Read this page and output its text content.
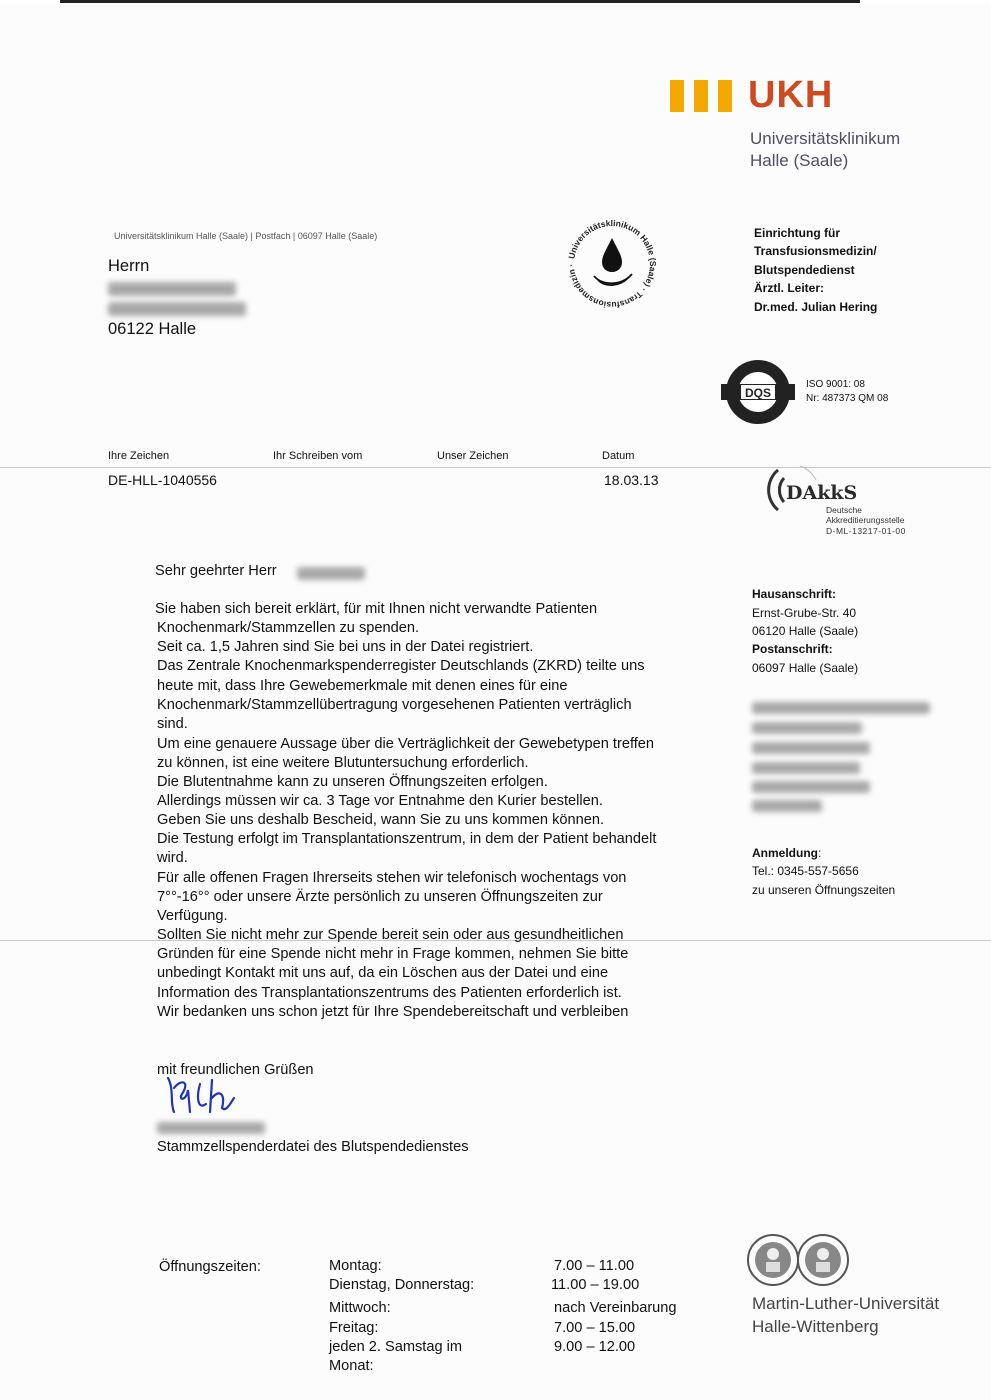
UKH
Universitätsklinikum
Halle (Saale)
Universitätsklinikum Halle (Saale) | Postfach | 06097 Halle (Saale)
Herrn
06122 Halle
Universitätsklinikum Halle (Saale) · Transfusionsmedizin ·
Einrichtung für
Transfusionsmedizin/
Blutspendedienst
Ärztl. Leiter:
Dr.med. Julian Hering
DQS
ISO 9001: 08
Nr: 487373 QM 08
Ihre Zeichen	Ihr Schreiben vom	Unser Zeichen	Datum
DE-HLL-1040556	18.03.13
DAkkS
Deutsche
Akkreditierungsstelle
D-ML-13217-01-00
Hausanschrift:
Ernst-Grube-Str. 40
06120 Halle (Saale)
Postanschrift:
06097 Halle (Saale)
Anmeldung:
Tel.: 0345-557-5656
zu unseren Öffnungszeiten
Sehr geehrter Herr
Sie haben sich bereit erklärt, für mit Ihnen nicht verwandte Patienten
Knochenmark/Stammzellen zu spenden.
Seit ca. 1,5 Jahren sind Sie bei uns in der Datei registriert.
Das Zentrale Knochenmarkspenderregister Deutschlands (ZKRD) teilte uns
heute mit, dass Ihre Gewebemerkmale mit denen eines für eine
Knochenmark/Stammzellübertragung vorgesehenen Patienten verträglich
sind.
Um eine genauere Aussage über die Verträglichkeit der Gewebetypen treffen
zu können, ist eine weitere Blutuntersuchung erforderlich.
Die Blutentnahme kann zu unseren Öffnungszeiten erfolgen.
Allerdings müssen wir ca. 3 Tage vor Entnahme den Kurier bestellen.
Geben Sie uns deshalb Bescheid, wann Sie zu uns kommen können.
Die Testung erfolgt im Transplantationszentrum, in dem der Patient behandelt
wird.
Für alle offenen Fragen Ihrerseits stehen wir telefonisch wochentags von
7°°-16°° oder unsere Ärzte persönlich zu unseren Öffnungszeiten zur
Verfügung.
Sollten Sie nicht mehr zur Spende bereit sein oder aus gesundheitlichen
Gründen für eine Spende nicht mehr in Frage kommen, nehmen Sie bitte
unbedingt Kontakt mit uns auf, da ein Löschen aus der Datei und eine
Information des Transplantationszentrums des Patienten erforderlich ist.
Wir bedanken uns schon jetzt für Ihre Spendebereitschaft und verbleiben
mit freundlichen Grüßen
Stammzellspenderdatei des Blutspendedienstes
Öffnungszeiten:	Montag:	7.00 – 11.00
Dienstag, Donnerstag:	11.00 – 19.00
Mittwoch:	nach Vereinbarung
Freitag:	7.00 – 15.00
jeden 2. Samstag im	9.00 – 12.00
Monat:
Martin-Luther-Universität
Halle-Wittenberg
